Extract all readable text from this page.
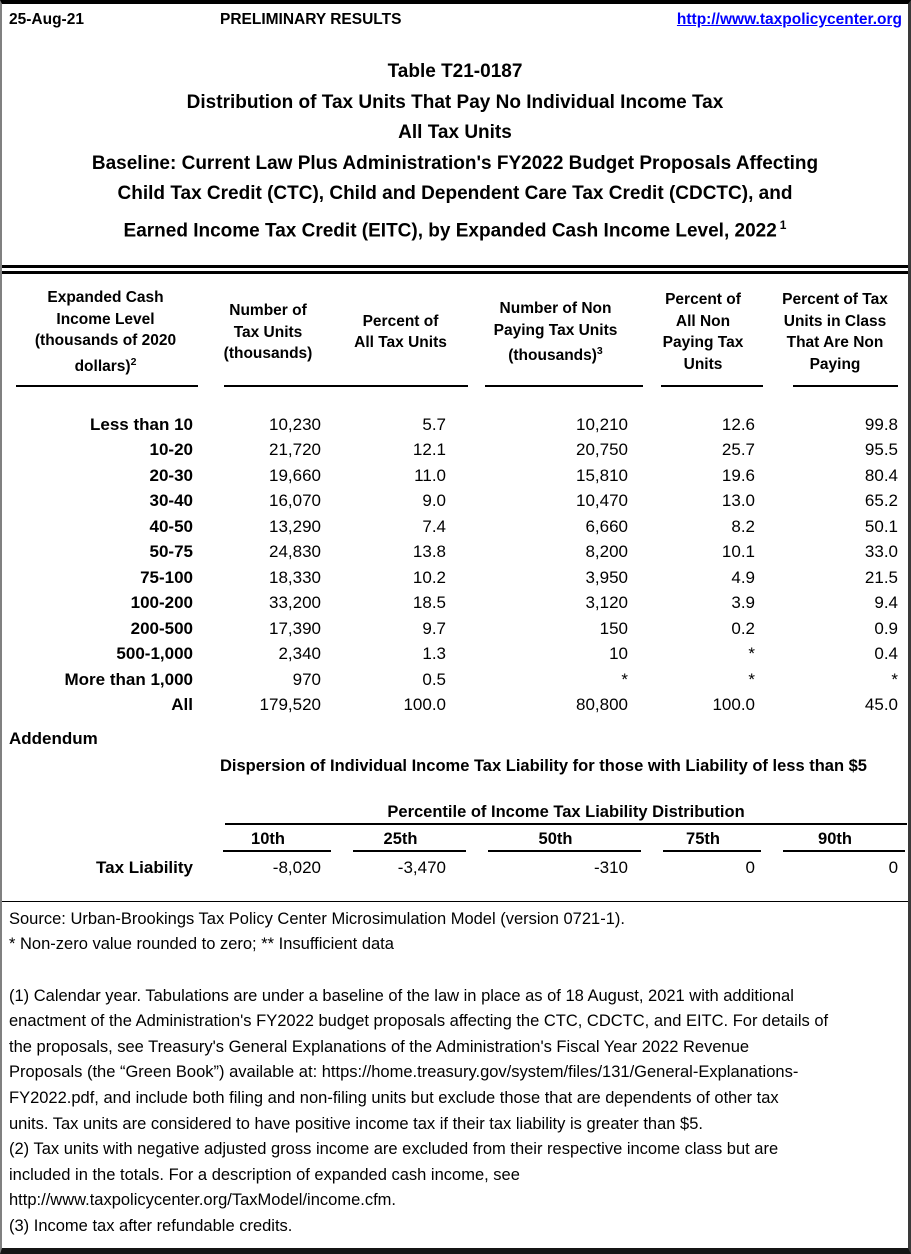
25-Aug-21	PRELIMINARY RESULTS	http://www.taxpolicycenter.org
Table T21-0187
Distribution of Tax Units That Pay No Individual Income Tax
All Tax Units
Baseline: Current Law Plus Administration's FY2022 Budget Proposals Affecting
Child Tax Credit (CTC), Child and Dependent Care Tax Credit (CDCTC), and
Earned Income Tax Credit (EITC), by Expanded Cash Income Level, 2022 $^1$
Expanded Cash
Income Level
(thousands of 2020
dollars)$^2$	Number of
Tax Units
(thousands)	Percent of
All Tax Units	Number of Non
Paying Tax Units
(thousands)$^3$	Percent of
All Non
Paying Tax
Units	Percent of Tax
Units in Class
That Are Non
Paying

Less than 10	10,230	5.7	10,210	12.6	99.8
10-20	21,720	12.1	20,750	25.7	95.5
20-30	19,660	11.0	15,810	19.6	80.4
30-40	16,070	9.0	10,470	13.0	65.2
40-50	13,290	7.4	6,660	8.2	50.1
50-75	24,830	13.8	8,200	10.1	33.0
75-100	18,330	10.2	3,950	4.9	21.5
100-200	33,200	18.5	3,120	3.9	9.4
200-500	17,390	9.7	150	0.2	0.9
500-1,000	2,340	1.3	10	*	0.4
More than 1,000	970	0.5	*	*	*
All	179,520	100.0	80,800	100.0	45.0
Addendum
Dispersion of Individual Income Tax Liability for those with Liability of less than $5

	Percentile of Income Tax Liability Distribution				

	10th	25th	50th	75th	90th

Tax Liability	-8,020	-3,470	-310	0	0
Source: Urban-Brookings Tax Policy Center Microsimulation Model (version 0721-1).
* Non-zero value rounded to zero; ** Insufficient data
(1) Calendar year. Tabulations are under a baseline of the law in place as of 18 August, 2021 with additional
enactment of the Administration's FY2022 budget proposals affecting the CTC, CDCTC, and EITC. For details of
the proposals, see Treasury's General Explanations of the Administration's Fiscal Year 2022 Revenue
Proposals (the “Green Book”) available at: https://home.treasury.gov/system/files/131/General-Explanations-
FY2022.pdf, and include both filing and non-filing units but exclude those that are dependents of other tax
units. Tax units are considered to have positive income tax if their tax liability is greater than $5.
(2) Tax units with negative adjusted gross income are excluded from their respective income class but are
included in the totals. For a description of expanded cash income, see
http://www.taxpolicycenter.org/TaxModel/income.cfm.
(3) Income tax after refundable credits.
